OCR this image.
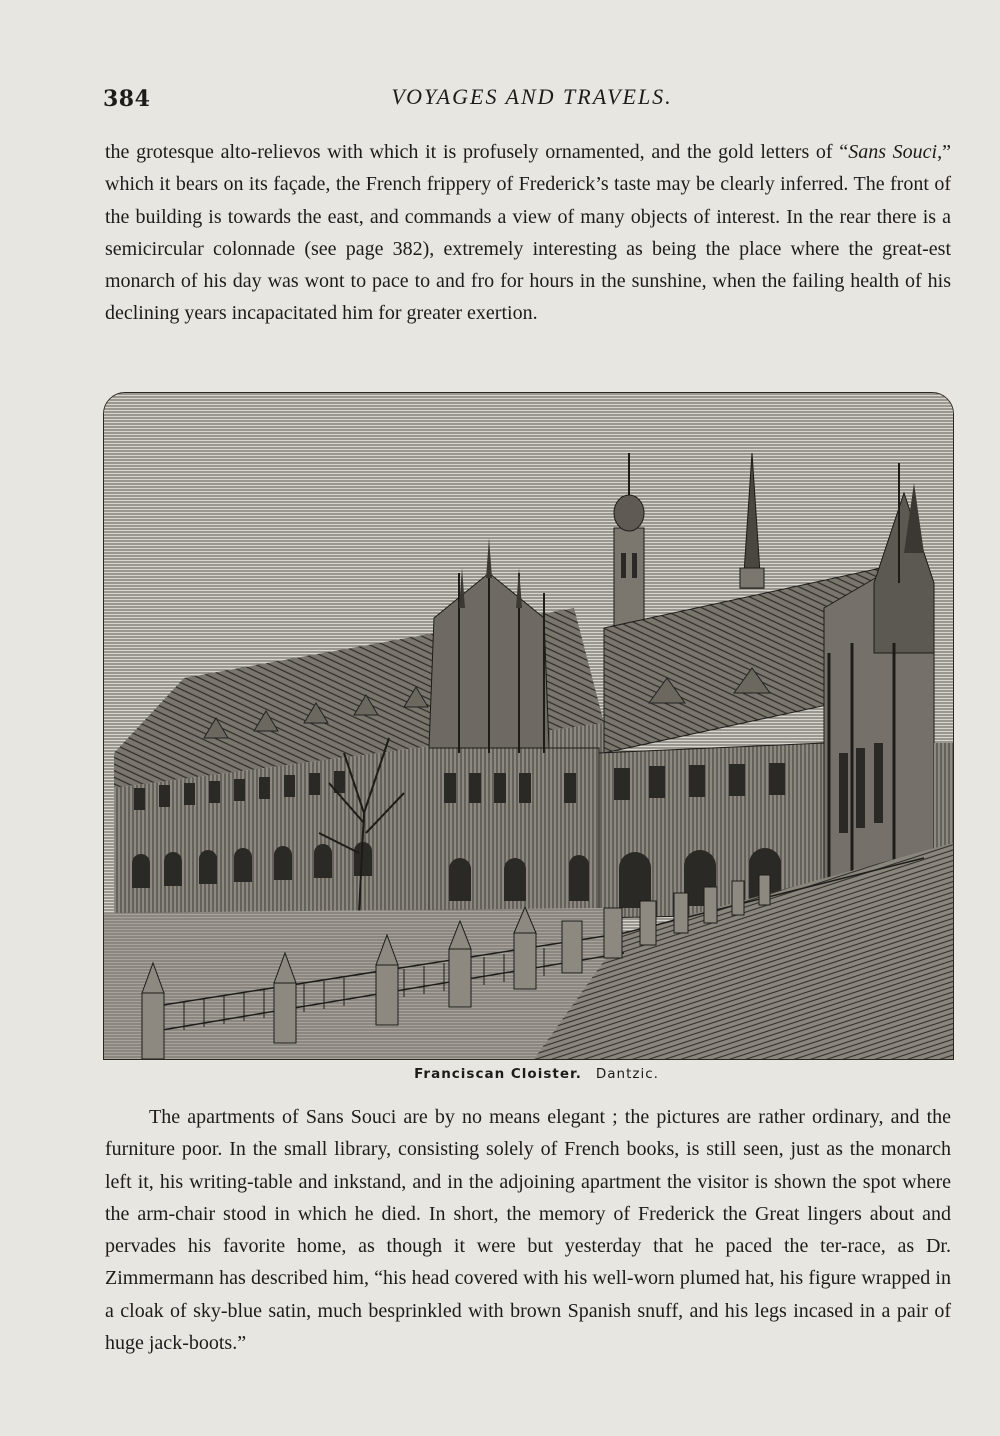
384	VOYAGES AND TRAVELS.

the grotesque alto-relievos with which it is profusely ornamented, and the gold letters of “Sans Souci,” which it bears on its façade, the French frippery of Frederick’s taste may be clearly inferred. The front of the building is towards the east, and commands a view of many objects of interest. In the rear there is a semicircular colonnade (see page 382), extremely interesting as being the place where the great-est monarch of his day was wont to pace to and fro for hours in the sunshine, when the failing health of his declining years incapacitated him for greater exertion.

Franciscan Cloister. Dantzic.

The apartments of Sans Souci are by no means elegant ; the pictures are rather ordinary, and the furniture poor. In the small library, consisting solely of French books, is still seen, just as the monarch left it, his writing-table and inkstand, and in the adjoining apartment the visitor is shown the spot where the arm-chair stood in which he died. In short, the memory of Frederick the Great lingers about and pervades his favorite home, as though it were but yesterday that he paced the ter-race, as Dr. Zimmermann has described him, “his head covered with his well-worn plumed hat, his figure wrapped in a cloak of sky-blue satin, much besprinkled with brown Spanish snuff, and his legs incased in a pair of huge jack-boots.”
